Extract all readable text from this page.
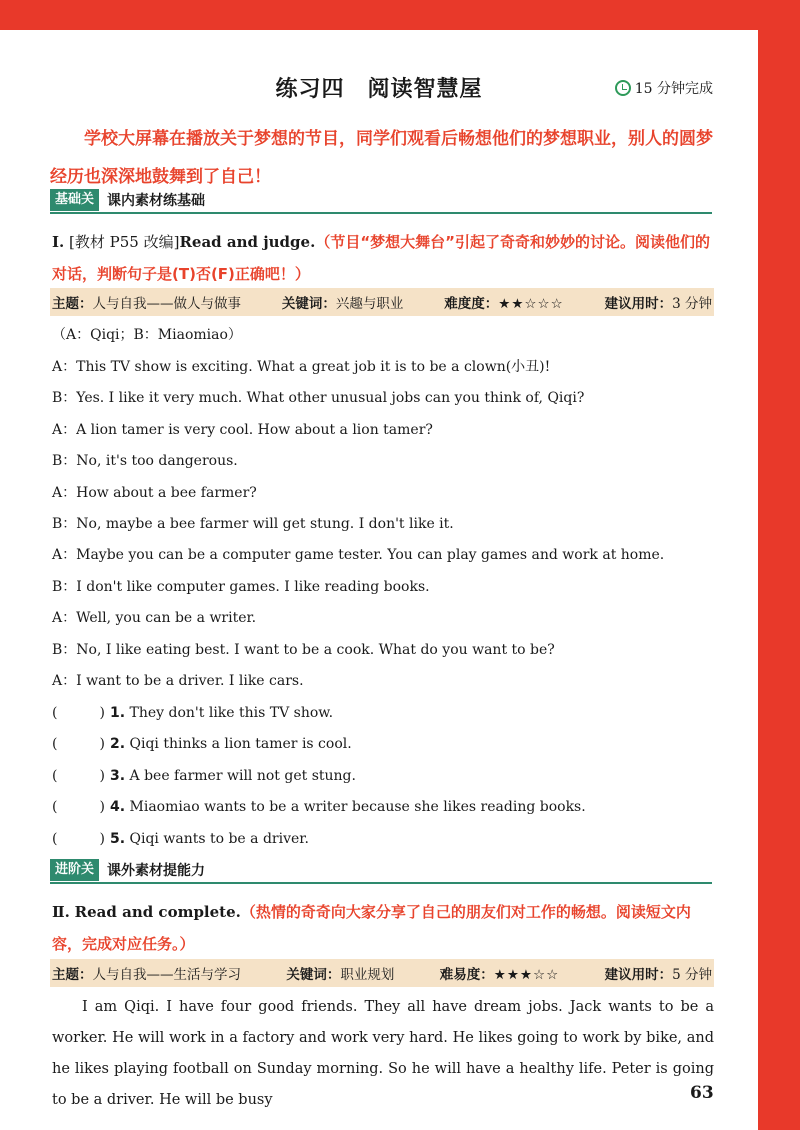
练习四　阅读智慧屋	15 分钟完成
学校大屏幕在播放关于梦想的节目，同学们观看后畅想他们的梦想职业，别人的圆梦经历也深深地鼓舞到了自己！
基础关 课内素材练基础
Ⅰ. [教材 P55 改编]Read and judge.（节目“梦想大舞台”引起了奇奇和妙妙的讨论。阅读他们的对话，判断句子是(T)否(F)正确吧！）
主题：人与自我——做人与做事	关键词：兴趣与职业	难度度：★★☆☆☆	建议用时：3 分钟
（A：Qiqi；B：Miaomiao）
A：This TV show is exciting. What a great job it is to be a clown(小丑)!
B：Yes. I like it very much. What other unusual jobs can you think of, Qiqi?
A：A lion tamer is very cool. How about a lion tamer?
B：No, it's too dangerous.
A：How about a bee farmer?
B：No, maybe a bee farmer will get stung. I don't like it.
A：Maybe you can be a computer game tester. You can play games and work at home.
B：I don't like computer games. I like reading books.
A：Well, you can be a writer.
B：No, I like eating best. I want to be a cook. What do you want to be?
A：I want to be a driver. I like cars.
(　　　) 1. They don't like this TV show.
(　　　) 2. Qiqi thinks a lion tamer is cool.
(　　　) 3. A bee farmer will not get stung.
(　　　) 4. Miaomiao wants to be a writer because she likes reading books.
(　　　) 5. Qiqi wants to be a driver.
进阶关 课外素材提能力
Ⅱ. Read and complete.（热情的奇奇向大家分享了自己的朋友们对工作的畅想。阅读短文内容，完成对应任务。）
主题：人与自我——生活与学习	关键词：职业规划	难易度：★★★☆☆	建议用时：5 分钟
I am Qiqi. I have four good friends. They all have dream jobs. Jack wants to be a worker. He will work in a factory and work very hard. He likes going to work by bike, and he likes playing football on Sunday morning. So he will have a healthy life. Peter is going to be a driver. He will be busy	63
